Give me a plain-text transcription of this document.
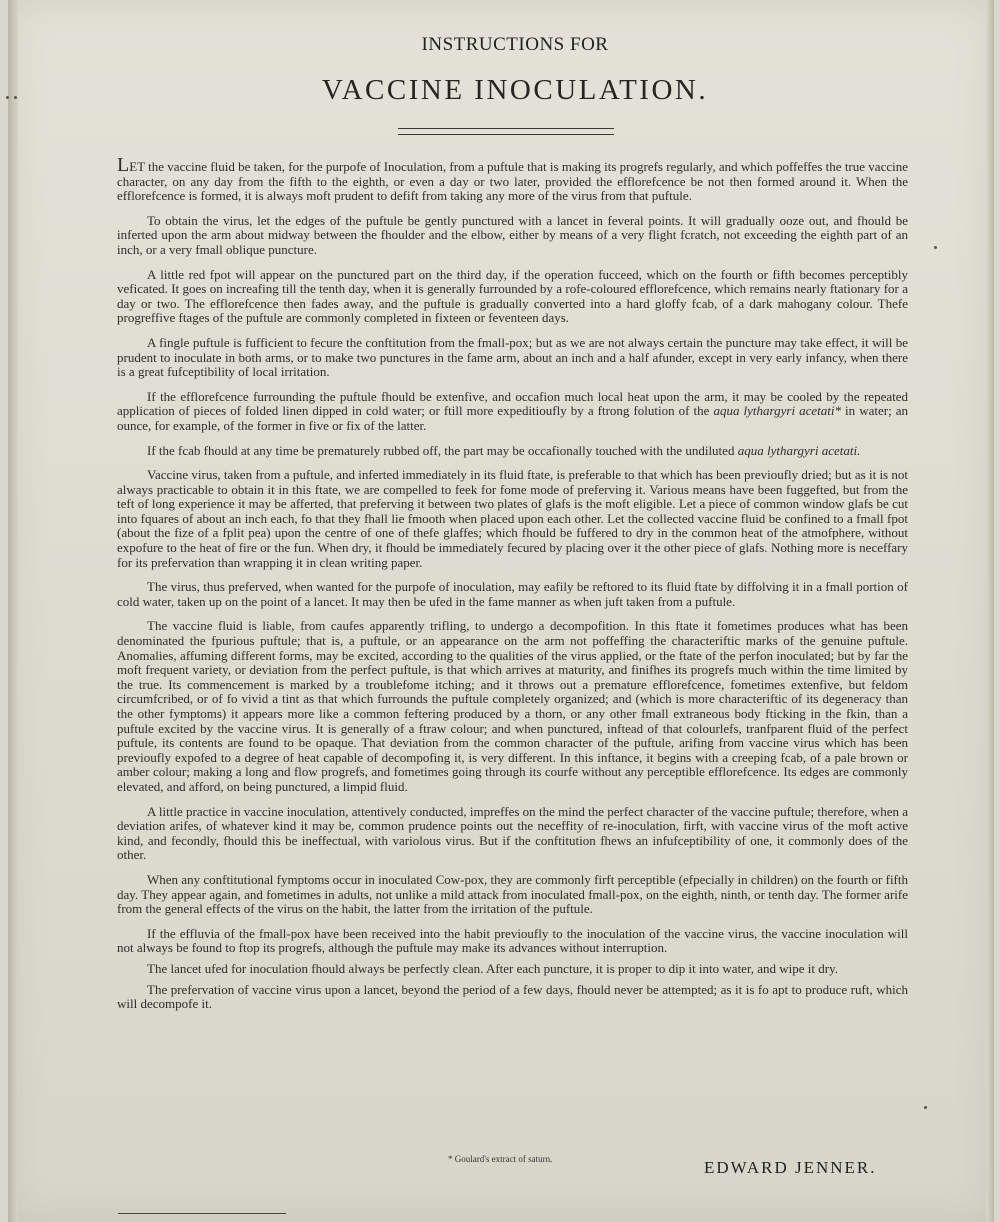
INSTRUCTIONS FOR
VACCINE INOCULATION.

LET the vaccine fluid be taken, for the purpofe of Inoculation, from a puftule that is making its progrefs regularly, and which poffeffes the true vaccine character, on any day from the fifth to the eighth, or even a day or two later, provided the efflorefcence be not then formed around it. When the efflorefcence is formed, it is always moft prudent to defift from taking any more of the virus from that puftule.

To obtain the virus, let the edges of the puftule be gently punctured with a lancet in feveral points. It will gradually ooze out, and fhould be inferted upon the arm about midway between the fhoulder and the elbow, either by means of a very flight fcratch, not exceeding the eighth part of an inch, or a very fmall oblique puncture.

A little red fpot will appear on the punctured part on the third day, if the operation fucceed, which on the fourth or fifth becomes perceptibly veficated. It goes on increafing till the tenth day, when it is generally furrounded by a rofe-coloured efflorefcence, which remains nearly ftationary for a day or two. The efflorefcence then fades away, and the puftule is gradually converted into a hard gloffy fcab, of a dark mahogany colour. Thefe progreffive ftages of the puftule are commonly completed in fixteen or feventeen days.

A fingle puftule is fufficient to fecure the conftitution from the fmall-pox; but as we are not always certain the puncture may take effect, it will be prudent to inoculate in both arms, or to make two punctures in the fame arm, about an inch and a half afunder, except in very early infancy, when there is a great fufceptibility of local irritation.

If the efflorefcence furrounding the puftule fhould be extenfive, and occafion much local heat upon the arm, it may be cooled by the repeated application of pieces of folded linen dipped in cold water; or ftill more expeditioufly by a ftrong folution of the aqua lythargyri acetati* in water; an ounce, for example, of the former in five or fix of the latter.

If the fcab fhould at any time be prematurely rubbed off, the part may be occafionally touched with the undiluted aqua lythargyri acetati.

Vaccine virus, taken from a puftule, and inferted immediately in its fluid ftate, is preferable to that which has been previoufly dried; but as it is not always practicable to obtain it in this ftate, we are compelled to feek for fome mode of preferving it. Various means have been fuggefted, but from the teft of long experience it may be afferted, that preferving it between two plates of glafs is the moft eligible. Let a piece of common window glafs be cut into fquares of about an inch each, fo that they fhall lie fmooth when placed upon each other. Let the collected vaccine fluid be confined to a fmall fpot (about the fize of a fplit pea) upon the centre of one of thefe glaffes; which fhould be fuffered to dry in the common heat of the atmofphere, without expofure to the heat of fire or the fun. When dry, it fhould be immediately fecured by placing over it the other piece of glafs. Nothing more is neceffary for its prefervation than wrapping it in clean writing paper.

The virus, thus preferved, when wanted for the purpofe of inoculation, may eafily be reftored to its fluid ftate by diffolving it in a fmall portion of cold water, taken up on the point of a lancet. It may then be ufed in the fame manner as when juft taken from a puftule.

The vaccine fluid is liable, from caufes apparently trifling, to undergo a decompofition. In this ftate it fometimes produces what has been denominated the fpurious puftule; that is, a puftule, or an appearance on the arm not poffeffing the characteriftic marks of the genuine puftule. Anomalies, affuming different forms, may be excited, according to the qualities of the virus applied, or the ftate of the perfon inoculated; but by far the moft frequent variety, or deviation from the perfect puftule, is that which arrives at maturity, and finifhes its progrefs much within the time limited by the true. Its commencement is marked by a troublefome itching; and it throws out a premature efflorefcence, fometimes extenfive, but feldom circumfcribed, or of fo vivid a tint as that which furrounds the puftule completely organized; and (which is more characteriftic of its degeneracy than the other fymptoms) it appears more like a common feftering produced by a thorn, or any other fmall extraneous body fticking in the fkin, than a puftule excited by the vaccine virus. It is generally of a ftraw colour; and when punctured, inftead of that colourlefs, tranfparent fluid of the perfect puftule, its contents are found to be opaque. That deviation from the common character of the puftule, arifing from vaccine virus which has been previoufly expofed to a degree of heat capable of decompofing it, is very different. In this inftance, it begins with a creeping fcab, of a pale brown or amber colour; making a long and flow progrefs, and fometimes going through its courfe without any perceptible efflorefcence. Its edges are commonly elevated, and afford, on being punctured, a limpid fluid.

A little practice in vaccine inoculation, attentively conducted, impreffes on the mind the perfect character of the vaccine puftule; therefore, when a deviation arifes, of whatever kind it may be, common prudence points out the neceffity of re-inoculation, firft, with vaccine virus of the moft active kind, and fecondly, fhould this be ineffectual, with variolous virus. But if the conftitution fhews an infufceptibility of one, it commonly does of the other.

When any conftitutional fymptoms occur in inoculated Cow-pox, they are commonly firft perceptible (efpecially in children) on the fourth or fifth day. They appear again, and fometimes in adults, not unlike a mild attack from inoculated fmall-pox, on the eighth, ninth, or tenth day. The former arife from the general effects of the virus on the habit, the latter from the irritation of the puftule.

If the effluvia of the fmall-pox have been received into the habit previoufly to the inoculation of the vaccine virus, the vaccine inoculation will not always be found to ftop its progrefs, although the puftule may make its advances without interruption.

The lancet ufed for inoculation fhould always be perfectly clean. After each puncture, it is proper to dip it into water, and wipe it dry.

The prefervation of vaccine virus upon a lancet, beyond the period of a few days, fhould never be attempted; as it is fo apt to produce ruft, which will decompofe it.

* Goulard's extract of saturn.	EDWARD JENNER.
